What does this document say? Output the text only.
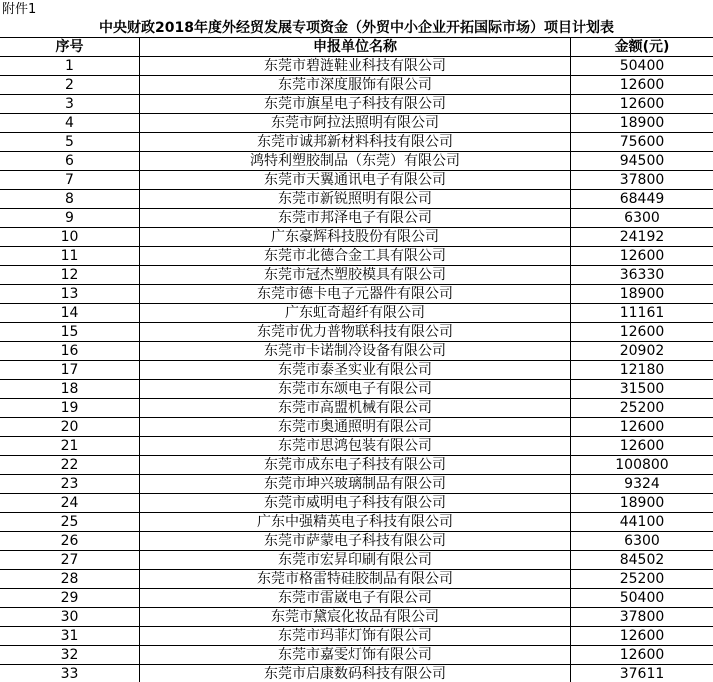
附件1
中央财政2018年度外经贸发展专项资金（外贸中小企业开拓国际市场）项目计划表
序号	申报单位名称	金额(元)
1	东莞市碧涟鞋业科技有限公司	50400
2	东莞市深度服饰有限公司	12600
3	东莞市旗星电子科技有限公司	12600
4	东莞市阿拉法照明有限公司	18900
5	东莞市诚邦新材料科技有限公司	75600
6	鸿特利塑胶制品（东莞）有限公司	94500
7	东莞市天翼通讯电子有限公司	37800
8	东莞市新锐照明有限公司	68449
9	东莞市邦泽电子有限公司	6300
10	广东豪辉科技股份有限公司	24192
11	东莞市北德合金工具有限公司	12600
12	东莞市冠杰塑胶模具有限公司	36330
13	东莞市德卡电子元器件有限公司	18900
14	广东虹奇超纤有限公司	11161
15	东莞市优力普物联科技有限公司	12600
16	东莞市卡诺制冷设备有限公司	20902
17	东莞市泰圣实业有限公司	12180
18	东莞市东颂电子有限公司	31500
19	东莞市高盟机械有限公司	25200
20	东莞市奥通照明有限公司	12600
21	东莞市思鸿包装有限公司	12600
22	东莞市成东电子科技有限公司	100800
23	东莞市坤兴玻璃制品有限公司	9324
24	东莞市威明电子科技有限公司	18900
25	广东中强精英电子科技有限公司	44100
26	东莞市萨蒙电子科技有限公司	6300
27	东莞市宏昇印刷有限公司	84502
28	东莞市格雷特硅胶制品有限公司	25200
29	东莞市雷崴电子有限公司	50400
30	东莞市黛宸化妆品有限公司	37800
31	东莞市玛菲灯饰有限公司	12600
32	东莞市嘉雯灯饰有限公司	12600
33	东莞市启康数码科技有限公司	37611
